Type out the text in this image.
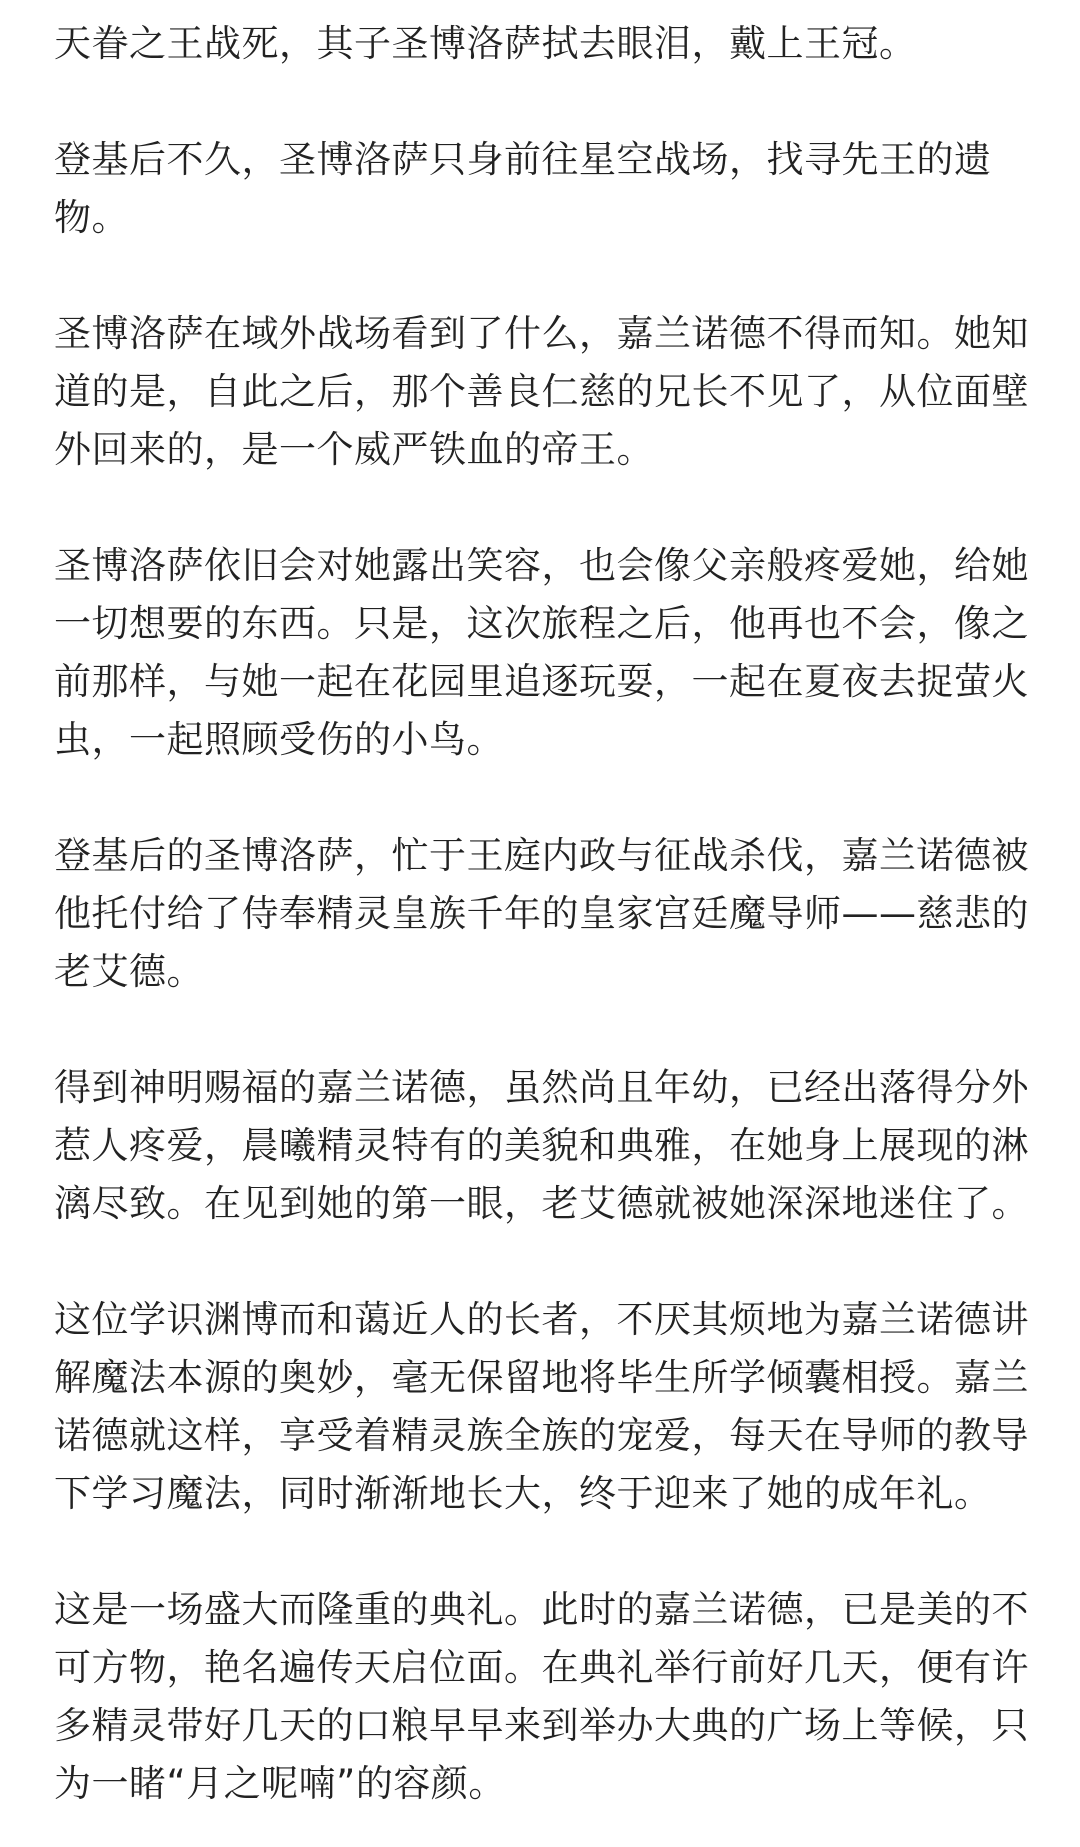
天眷之王战死，其子圣博洛萨拭去眼泪，戴上王冠。

登基后不久，圣博洛萨只身前往星空战场，找寻先王的遗物。

圣博洛萨在域外战场看到了什么，嘉兰诺德不得而知。她知道的是，自此之后，那个善良仁慈的兄长不见了，从位面壁外回来的，是一个威严铁血的帝王。

圣博洛萨依旧会对她露出笑容，也会像父亲般疼爱她，给她一切想要的东西。只是，这次旅程之后，他再也不会，像之前那样，与她一起在花园里追逐玩耍，一起在夏夜去捉萤火虫，一起照顾受伤的小鸟。

登基后的圣博洛萨，忙于王庭内政与征战杀伐，嘉兰诺德被他托付给了侍奉精灵皇族千年的皇家宫廷魔导师——慈悲的老艾德。

得到神明赐福的嘉兰诺德，虽然尚且年幼，已经出落得分外惹人疼爱，晨曦精灵特有的美貌和典雅，在她身上展现的淋漓尽致。在见到她的第一眼，老艾德就被她深深地迷住了。

这位学识渊博而和蔼近人的长者，不厌其烦地为嘉兰诺德讲解魔法本源的奥妙，毫无保留地将毕生所学倾囊相授。嘉兰诺德就这样，享受着精灵族全族的宠爱，每天在导师的教导下学习魔法，同时渐渐地长大，终于迎来了她的成年礼。

这是一场盛大而隆重的典礼。此时的嘉兰诺德，已是美的不可方物，艳名遍传天启位面。在典礼举行前好几天，便有许多精灵带好几天的口粮早早来到举办大典的广场上等候，只为一睹“月之呢喃”的容颜。
